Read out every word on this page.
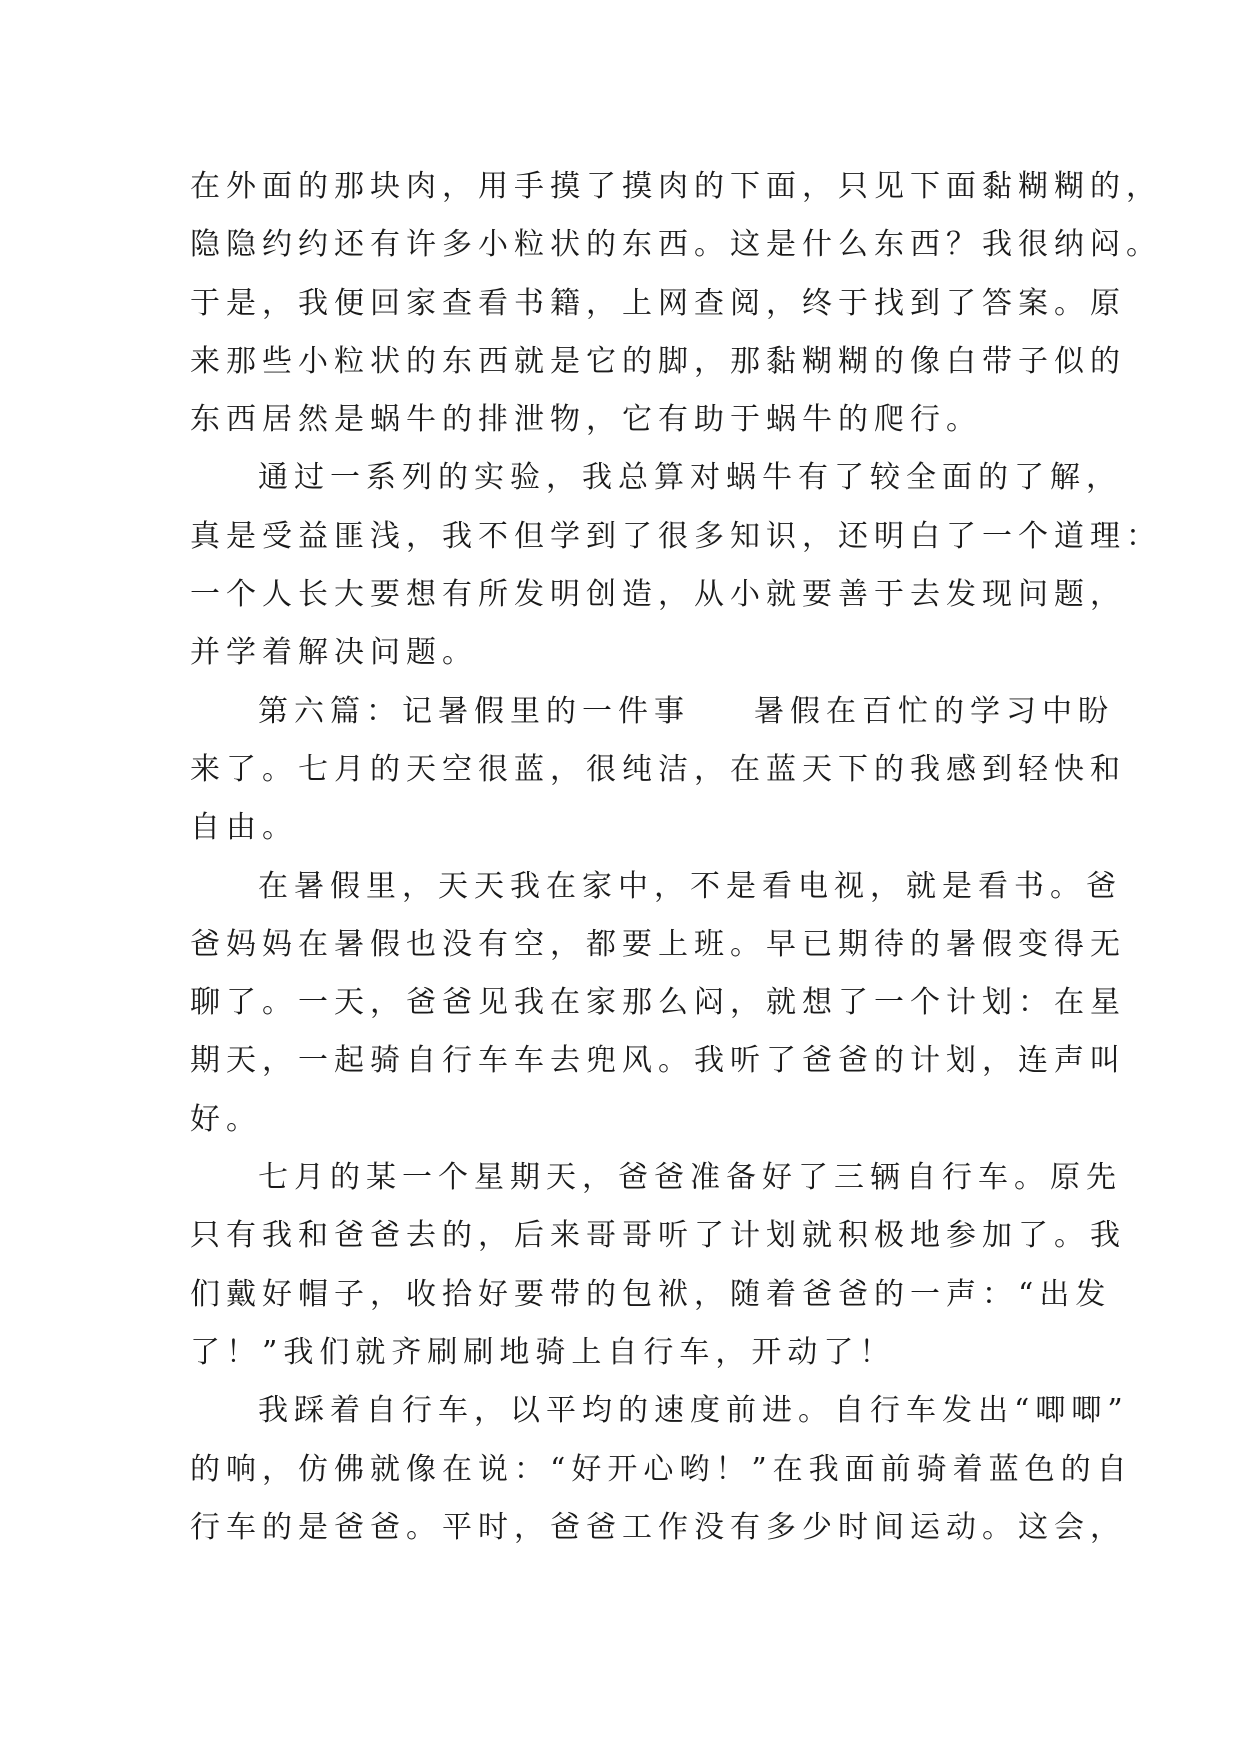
在外面的那块肉，用手摸了摸肉的下面，只见下面黏糊糊的，
隐隐约约还有许多小粒状的东西。这是什么东西？我很纳闷。
于是，我便回家查看书籍，上网查阅，终于找到了答案。原
来那些小粒状的东西就是它的脚，那黏糊糊的像白带子似的
东西居然是蜗牛的排泄物，它有助于蜗牛的爬行。
通过一系列的实验，我总算对蜗牛有了较全面的了解，
真是受益匪浅，我不但学到了很多知识，还明白了一个道理：
一个人长大要想有所发明创造，从小就要善于去发现问题，
并学着解决问题。
第六篇：记暑假里的一件事 暑假在百忙的学习中盼
来了。七月的天空很蓝，很纯洁，在蓝天下的我感到轻快和
自由。
在暑假里，天天我在家中，不是看电视，就是看书。爸
爸妈妈在暑假也没有空，都要上班。早已期待的暑假变得无
聊了。一天，爸爸见我在家那么闷，就想了一个计划：在星
期天，一起骑自行车车去兜风。我听了爸爸的计划，连声叫
好。
七月的某一个星期天，爸爸准备好了三辆自行车。原先
只有我和爸爸去的，后来哥哥听了计划就积极地参加了。我
们戴好帽子，收拾好要带的包袱，随着爸爸的一声：“出发
了！”我们就齐刷刷地骑上自行车，开动了！
我踩着自行车，以平均的速度前进。自行车发出“唧唧”
的响，仿佛就像在说：“好开心哟！”在我面前骑着蓝色的自
行车的是爸爸。平时，爸爸工作没有多少时间运动。这会，
